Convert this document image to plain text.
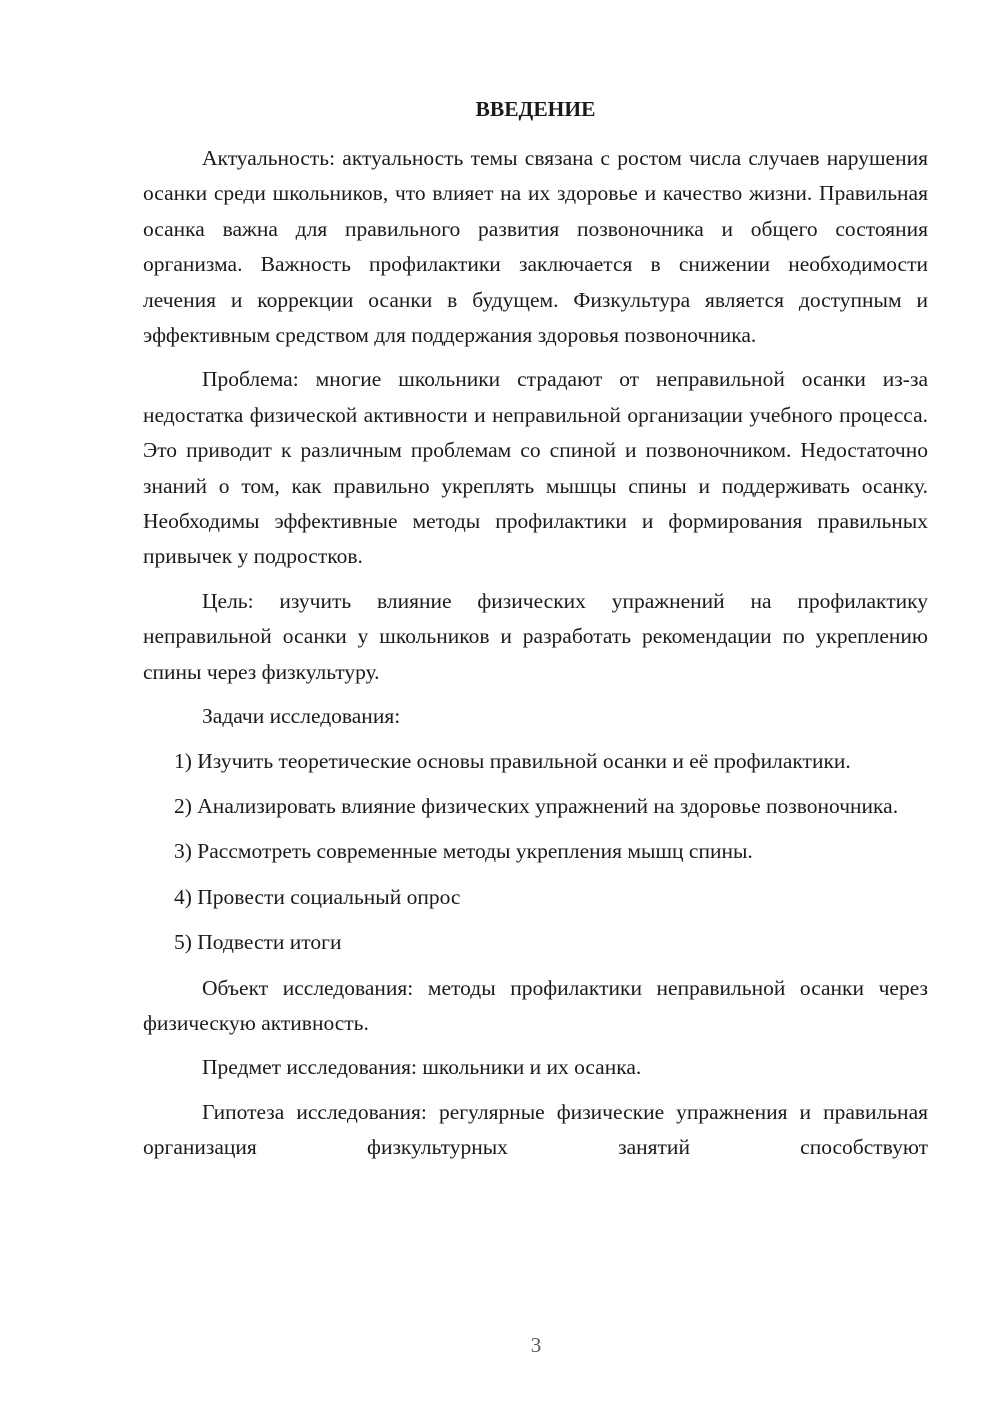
ВВЕДЕНИЕ

Актуальность: актуальность темы связана с ростом числа случаев нарушения осанки среди школьников, что влияет на их здоровье и качество жизни. Правильная осанка важна для правильного развития позвоночника и общего состояния организма. Важность профилактики заключается в снижении необходимости лечения и коррекции осанки в будущем. Физкультура является доступным и эффективным средством для поддержания здоровья позвоночника.

Проблема: многие школьники страдают от неправильной осанки из-за недостатка физической активности и неправильной организации учебного процесса. Это приводит к различным проблемам со спиной и позвоночником. Недостаточно знаний о том, как правильно укреплять мышцы спины и поддерживать осанку. Необходимы эффективные методы профилактики и формирования правильных привычек у подростков.

Цель: изучить влияние физических упражнений на профилактику неправильной осанки у школьников и разработать рекомендации по укреплению спины через физкультуру.

Задачи исследования:

1) Изучить теоретические основы правильной осанки и её профилактики.
2) Анализировать влияние физических упражнений на здоровье позвоночника.
3) Рассмотреть современные методы укрепления мышц спины.
4) Провести социальный опрос
5) Подвести итоги

Объект исследования: методы профилактики неправильной осанки через физическую активность.

Предмет исследования: школьники и их осанка.

Гипотеза исследования: регулярные физические упражнения и правильная организация физкультурных занятий способствуют

3
